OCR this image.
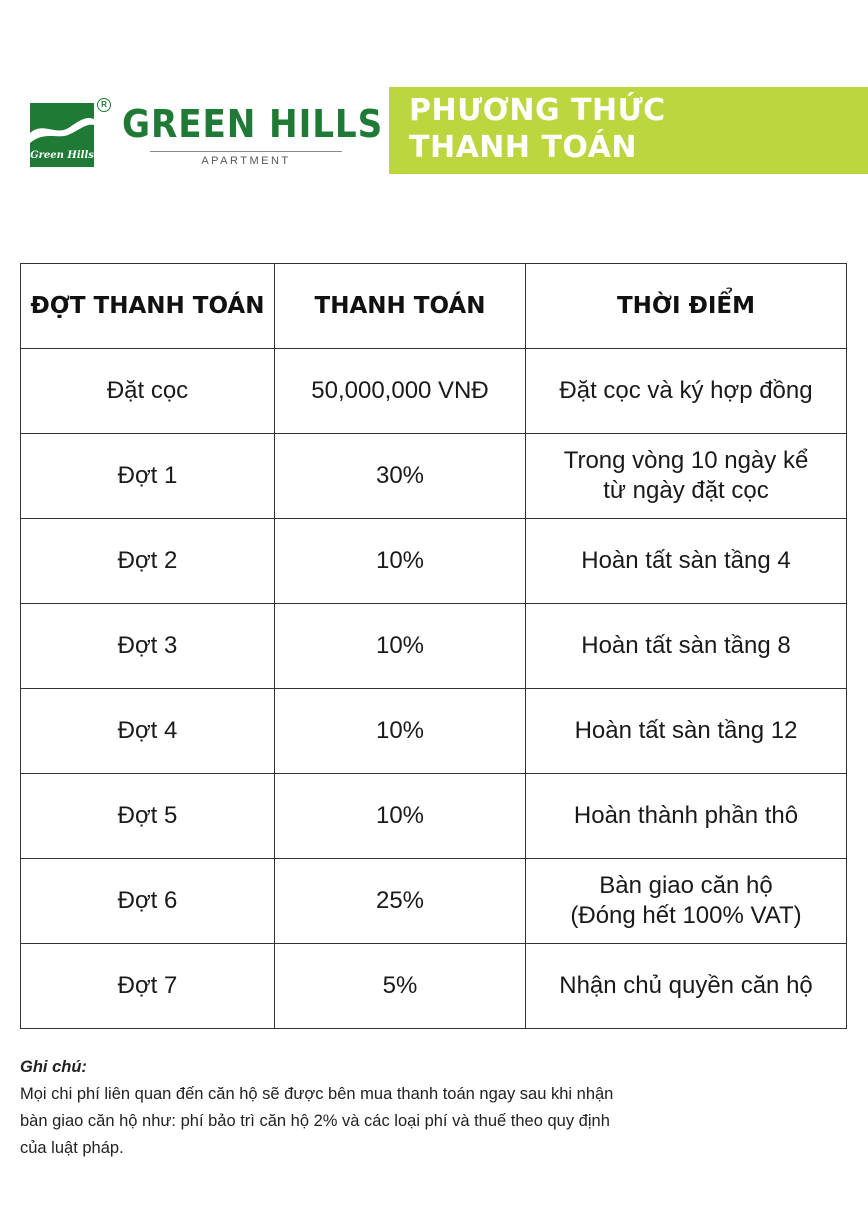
Green Hills
R GREEN HILLS
APARTMENT
PHƯƠNG THỨC
THANH TOÁN
ĐỢT THANH TOÁN	THANH TOÁN	THỜI ĐIỂM
Đặt cọc	50,000,000 VNĐ	Đặt cọc và ký hợp đồng

Đợt 1	30%	Trong vòng 10 ngày kể
từ ngày đặt cọc

Đợt 2	10%	Hoàn tất sàn tầng 4

Đợt 3	10%	Hoàn tất sàn tầng 8

Đợt 4	10%	Hoàn tất sàn tầng 12

Đợt 5	10%	Hoàn thành phần thô

Đợt 6	25%	Bàn giao căn hộ
(Đóng hết 100% VAT)

Đợt 7	5%	Nhận chủ quyền căn hộ
Ghi chú:
Mọi chi phí liên quan đến căn hộ sẽ được bên mua thanh toán ngay sau khi nhận
bàn giao căn hộ như: phí bảo trì căn hộ 2% và các loại phí và thuế theo quy định
của luật pháp.
